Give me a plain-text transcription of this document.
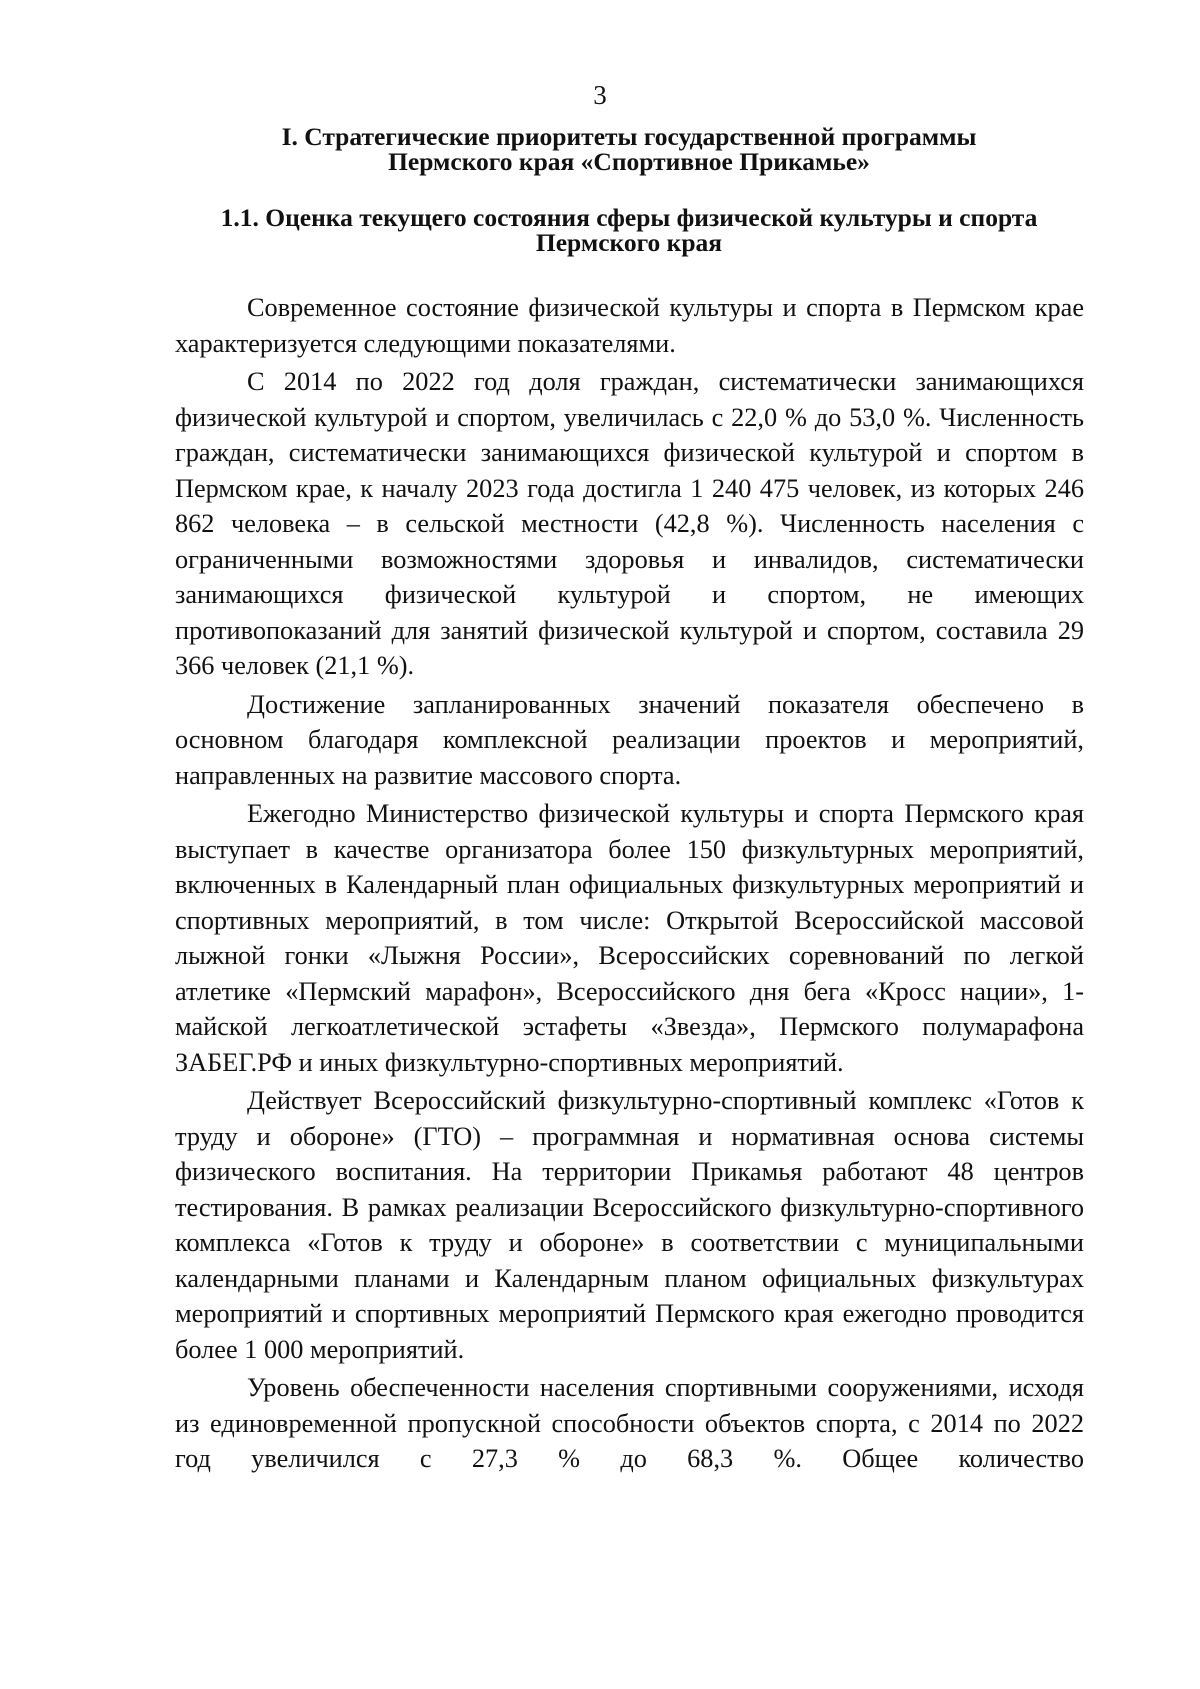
3
I. Стратегические приоритеты государственной программы
Пермского края «Спортивное Прикамье»
1.1. Оценка текущего состояния сферы физической культуры и спорта
Пермского края

Современное состояние физической культуры и спорта в Пермском крае характеризуется следующими показателями.

С 2014 по 2022 год доля граждан, систематически занимающихся физической культурой и спортом, увеличилась с 22,0 % до 53,0 %. Численность граждан, систематически занимающихся физической культурой и спортом в Пермском крае, к началу 2023 года достигла 1 240 475 человек, из которых 246 862 человека – в сельской местности (42,8 %). Численность населения с ограниченными возможностями здоровья и инвалидов, систематически занимающихся физической культурой и спортом, не имеющих противопоказаний для занятий физической культурой и спортом, составила 29 366 человек (21,1 %).

Достижение запланированных значений показателя обеспечено в основном благодаря комплексной реализации проектов и мероприятий, направленных на развитие массового спорта.

Ежегодно Министерство физической культуры и спорта Пермского края выступает в качестве организатора более 150 физкультурных мероприятий, включенных в Календарный план официальных физкультурных мероприятий и спортивных мероприятий, в том числе: Открытой Всероссийской массовой лыжной гонки «Лыжня России», Всероссийских соревнований по легкой атлетике «Пермский марафон», Всероссийского дня бега «Кросс нации», 1-майской легкоатлетической эстафеты «Звезда», Пермского полумарафона ЗАБЕГ.РФ и иных физкультурно-спортивных мероприятий.

Действует Всероссийский физкультурно-спортивный комплекс «Готов к труду и обороне» (ГТО) – программная и нормативная основа системы физического воспитания. На территории Прикамья работают 48 центров тестирования. В рамках реализации Всероссийского физкультурно-спортивного комплекса «Готов к труду и обороне» в соответствии с муниципальными календарными планами и Календарным планом официальных физкультурах мероприятий и спортивных мероприятий Пермского края ежегодно проводится более 1 000 мероприятий.

Уровень обеспеченности населения спортивными сооружениями, исходя из единовременной пропускной способности объектов спорта, с 2014 по 2022 год увеличился с 27,3 % до 68,3 %. Общее количество
